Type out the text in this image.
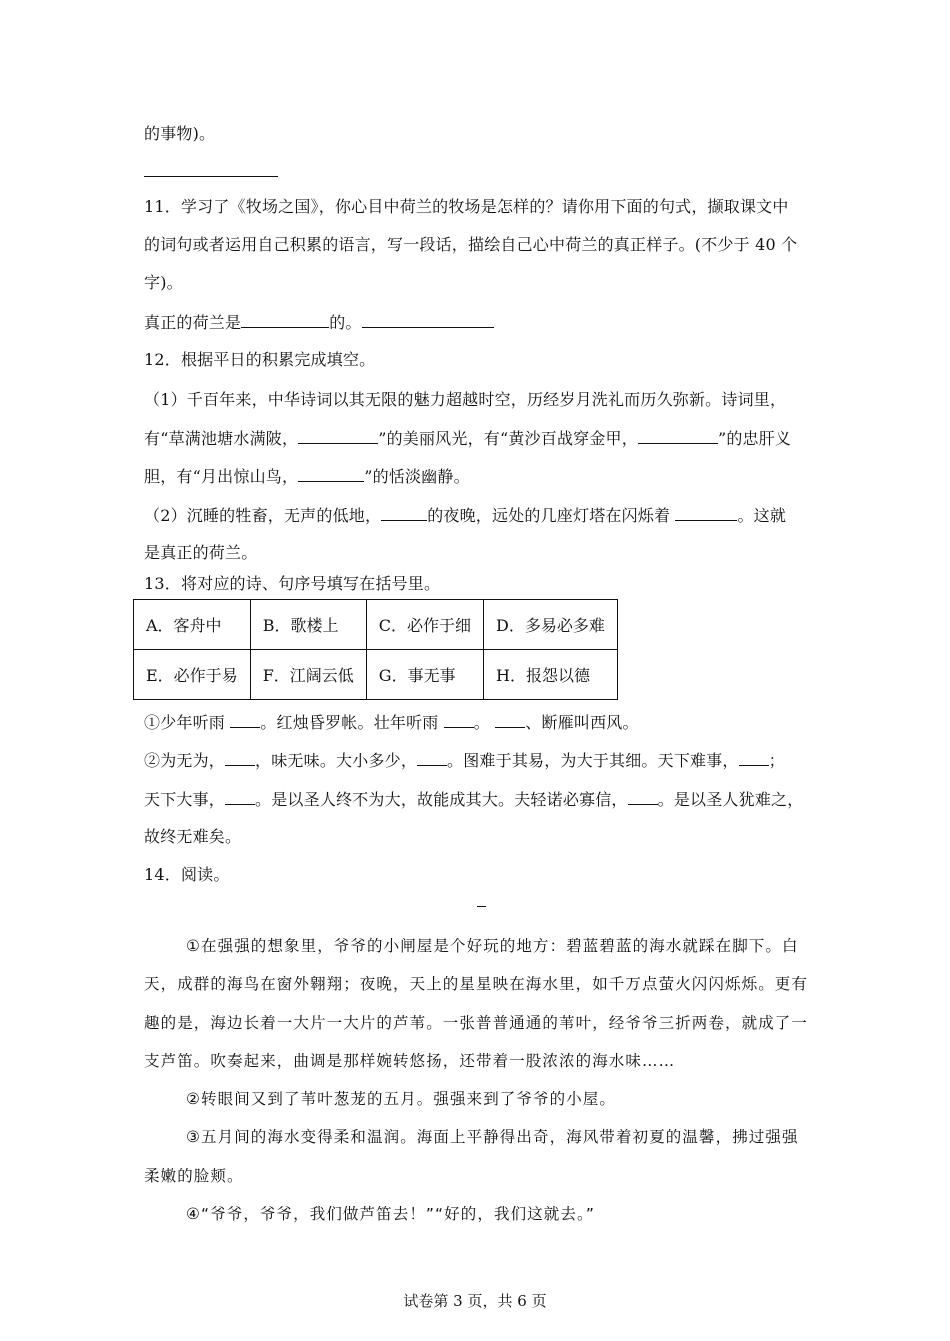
的事物)。
11．学习了《牧场之国》，你心目中荷兰的牧场是怎样的？请你用下面的句式，撷取课文中
的词句或者运用自己积累的语言，写一段话，描绘自己心中荷兰的真正样子。(不少于 40 个
字)。
真正的荷兰是	的。
12．根据平日的积累完成填空。
（1）千百年来，中华诗词以其无限的魅力超越时空，历经岁月洗礼而历久弥新。诗词里，
有“草满池塘水满陂，	”的美丽风光，有“黄沙百战穿金甲，	”的忠肝义
胆，有“月出惊山鸟，	”的恬淡幽静。
（2）沉睡的牲畜，无声的低地，	的夜晚，远处的几座灯塔在闪烁着	。这就
是真正的荷兰。
13．将对应的诗、句序号填写在括号里。
A．客舟中	B．歌楼上	C．必作于细	D．多易必多难
E．必作于易	F．江阔云低	G．事无事	H．报怨以德
①少年听雨 。红烛昏罗帐。壮年听雨 。 、断雁叫西风。
②为无为， ，味无味。大小多少， 。图难于其易，为大于其细。天下难事， ；
天下大事， 。是以圣人终不为大，故能成其大。夫轻诺必寡信， 。是以圣人犹难之，
故终无难矣。
14．阅读。
①在强强的想象里，爷爷的小闸屋是个好玩的地方：碧蓝碧蓝的海水就踩在脚下。白
天，成群的海鸟在窗外翱翔；夜晚，天上的星星映在海水里，如千万点萤火闪闪烁烁。更有
趣的是，海边长着一大片一大片的芦苇。一张普普通通的苇叶，经爷爷三折两卷，就成了一
支芦笛。吹奏起来，曲调是那样婉转悠扬，还带着一股浓浓的海水味……
②转眼间又到了苇叶葱茏的五月。强强来到了爷爷的小屋。
③五月间的海水变得柔和温润。海面上平静得出奇，海风带着初夏的温馨，拂过强强
柔嫩的脸颊。
④“爷爷，爷爷，我们做芦笛去！”“好的，我们这就去。”
试卷第 3 页，共 6 页
